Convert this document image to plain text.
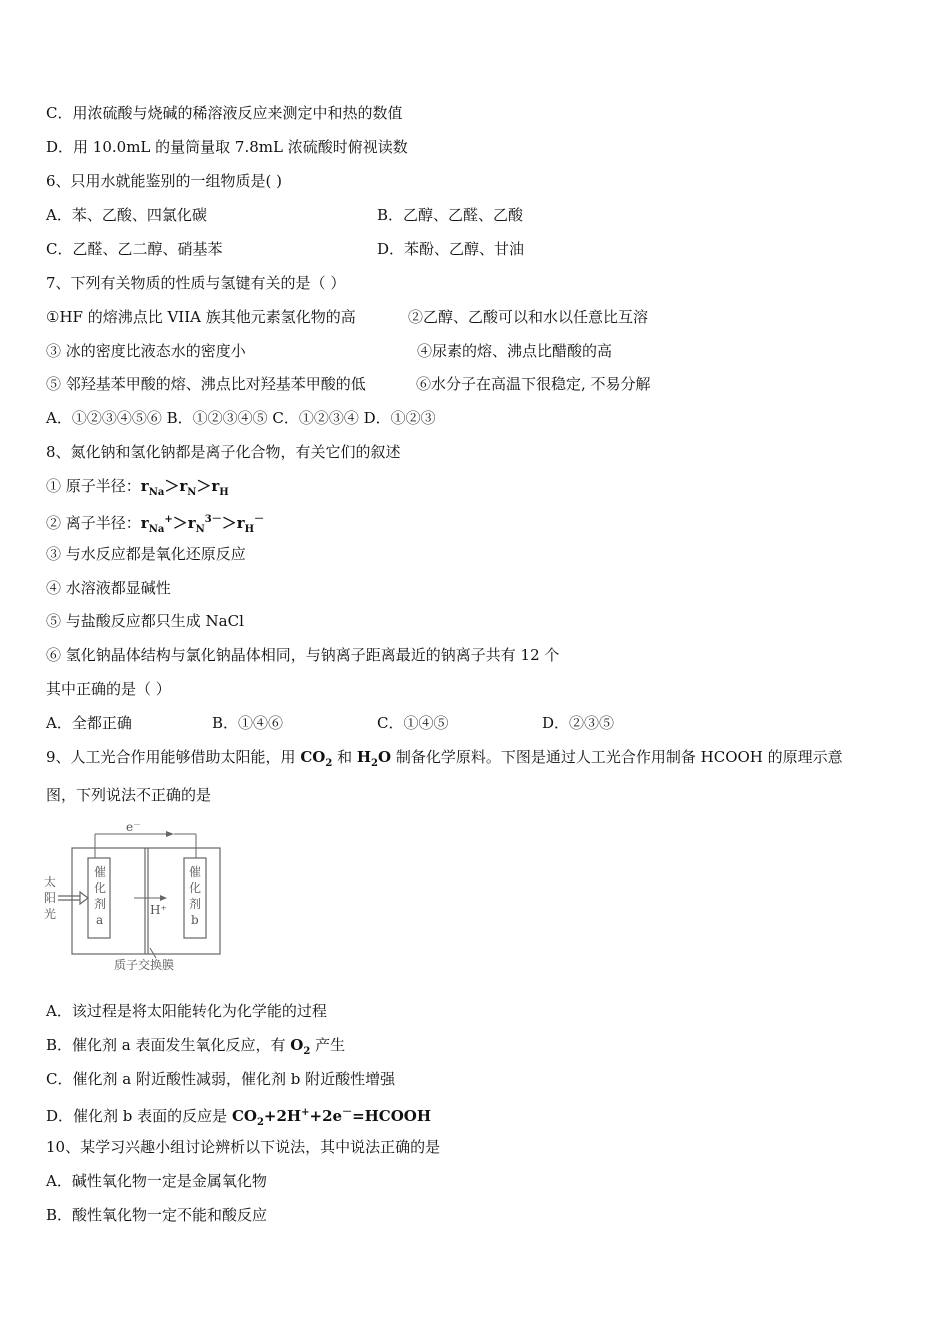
C．用浓硫酸与烧碱的稀溶液反应来测定中和热的数值
D．用 10.0mL 的量筒量取 7.8mL 浓硫酸时俯视读数
6、只用水就能鉴别的一组物质是( )
A．苯、乙酸、四氯化碳	B．乙醇、乙醛、乙酸
C．乙醛、乙二醇、硝基苯	D．苯酚、乙醇、甘油
7、下列有关物质的性质与氢键有关的是（ ）
①HF 的熔沸点比 VIIA 族其他元素氢化物的高	②乙醇、乙酸可以和水以任意比互溶
③ 冰的密度比液态水的密度小	④尿素的熔、沸点比醋酸的高
⑤ 邻羟基苯甲酸的熔、沸点比对羟基苯甲酸的低	⑥水分子在高温下很稳定, 不易分解
A．①②③④⑤⑥ B．①②③④⑤ C．①②③④ D．①②③
8、氮化钠和氢化钠都是离子化合物，有关它们的叙述
① 原子半径：$r_{Na}>r_N>r_H$
② 离子半径：$r_{Na}^+>r_N^{3-}>r_H^-$
③ 与水反应都是氧化还原反应
④ 水溶液都显碱性
⑤ 与盐酸反应都只生成 NaCl
⑥ 氢化钠晶体结构与氯化钠晶体相同，与钠离子距离最近的钠离子共有 12 个
其中正确的是（ ）
A．全都正确	B．①④⑥	C．①④⑤	D．②③⑤
9、人工光合作用能够借助太阳能，用 $CO_2$ 和 $H_2O$ 制备化学原料。下图是通过人工光合作用制备 HCOOH 的原理示意
图，下列说法不正确的是
e－
催
化
剂
a
催
化
剂
b
太
阳
光	H⁺
质子交换膜
A．该过程是将太阳能转化为化学能的过程
B．催化剂 a 表面发生氧化反应，有 $O_2$ 产生
C．催化剂 a 附近酸性减弱，催化剂 b 附近酸性增强
D．催化剂 b 表面的反应是 $CO_2+2H^++2e^-=HCOOH$
10、某学习兴趣小组讨论辨析以下说法，其中说法正确的是
A．碱性氧化物一定是金属氧化物
B．酸性氧化物一定不能和酸反应
